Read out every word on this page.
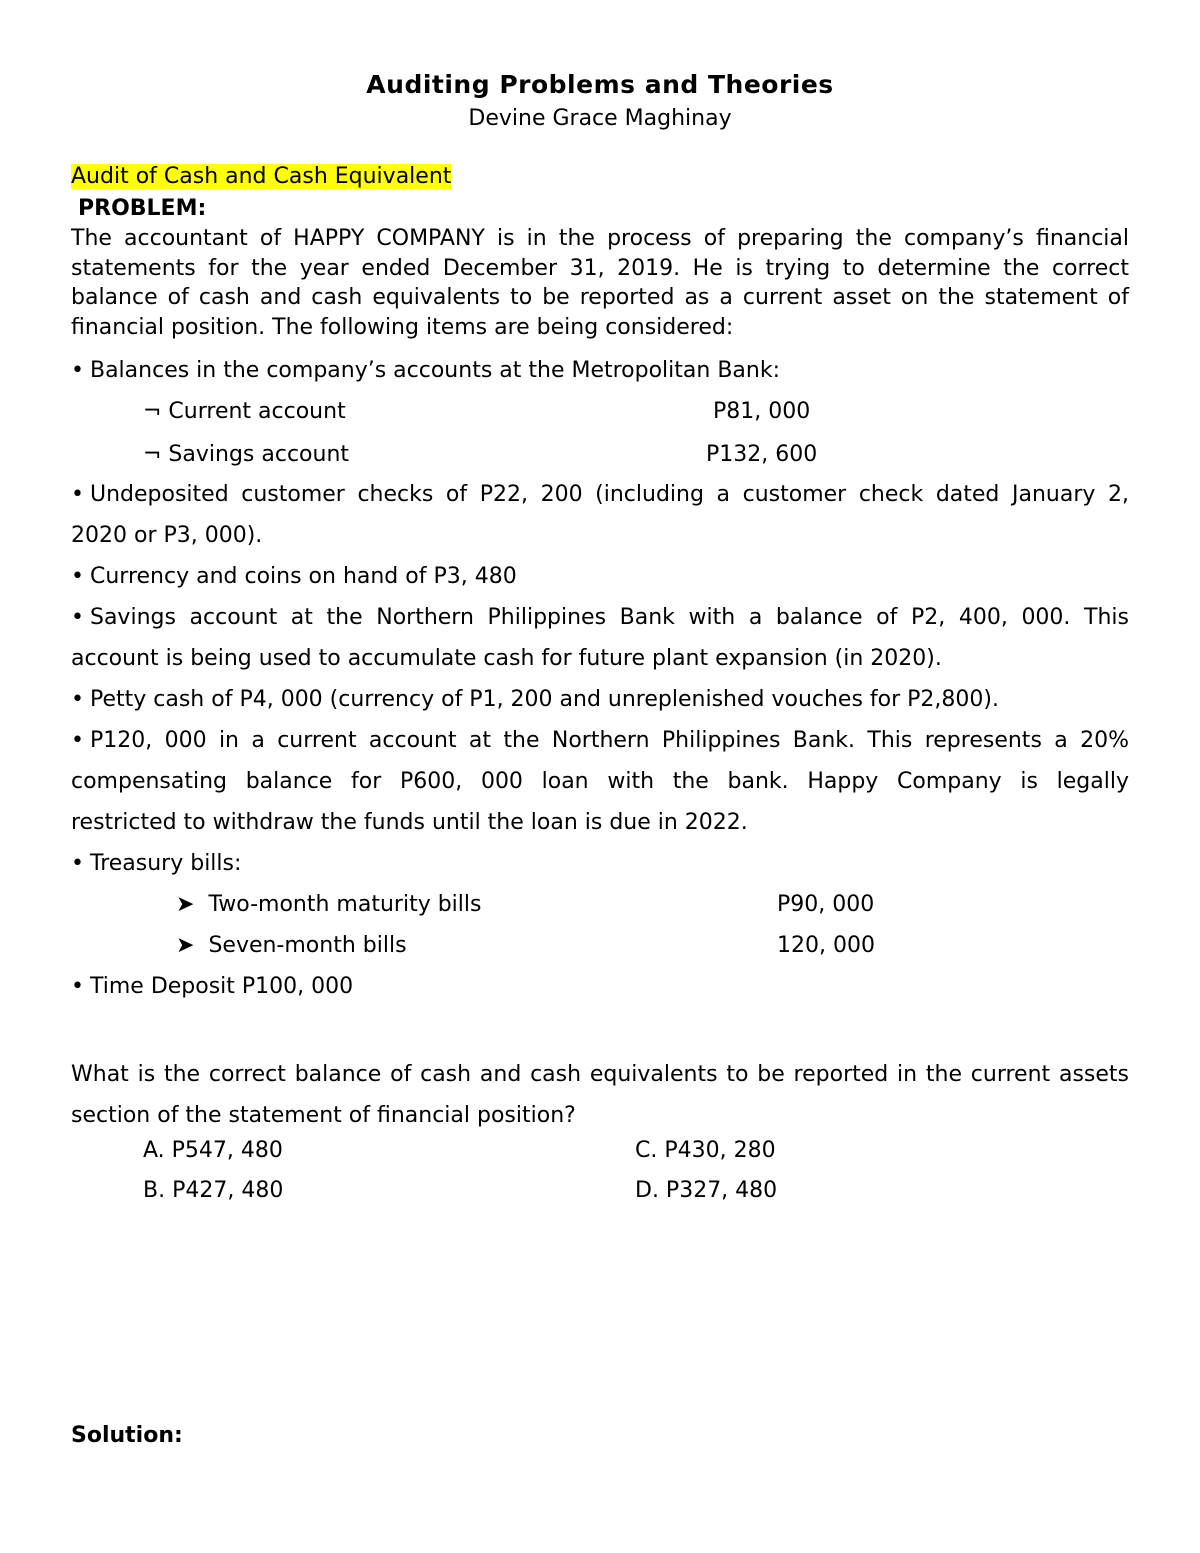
Auditing Problems and Theories
Devine Grace Maghinay
Audit of Cash and Cash Equivalent
PROBLEM:
The accountant of HAPPY COMPANY is in the process of preparing the company’s financial statements for the year ended December 31, 2019. He is trying to determine the correct balance of cash and cash equivalents to be reported as a current asset on the statement of financial position. The following items are being considered:
• Balances in the company’s accounts at the Metropolitan Bank:
¬ Current account	P81, 000
¬ Savings account	P132, 600
• Undeposited customer checks of P22, 200 (including a customer check dated January 2,
2020 or P3, 000).
• Currency and coins on hand of P3, 480
• Savings account at the Northern Philippines Bank with a balance of P2, 400, 000. This
account is being used to accumulate cash for future plant expansion (in 2020).
• Petty cash of P4, 000 (currency of P1, 200 and unreplenished vouches for P2,800).
• P120, 000 in a current account at the Northern Philippines Bank. This represents a 20%
compensating balance for P600, 000 loan with the bank. Happy Company is legally
restricted to withdraw the funds until the loan is due in 2022.
• Treasury bills:
➤ Two-month maturity bills	P90, 000
➤ Seven-month bills	120, 000
• Time Deposit P100, 000
What is the correct balance of cash and cash equivalents to be reported in the current assets section of the statement of financial position?
A. P547, 480
B. P427, 480
C. P430, 280
D. P327, 480
Solution:
